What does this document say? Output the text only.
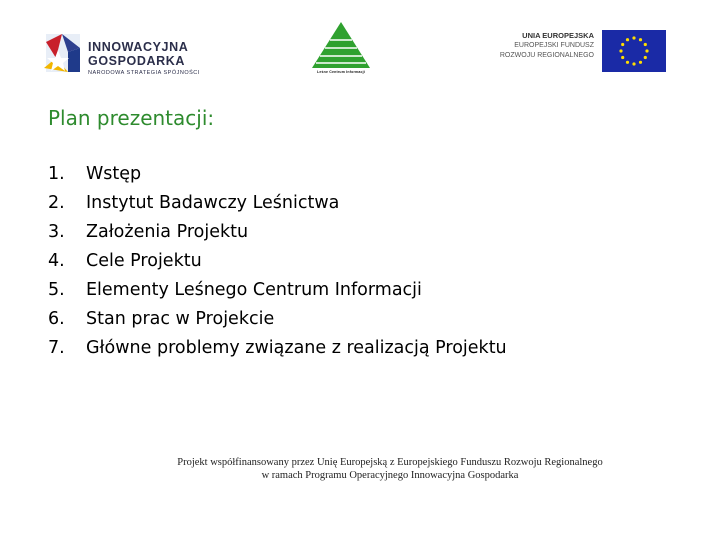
INNOWACYJNA
GOSPODARKA
NARODOWA STRATEGIA SPÓJNOŚCI	Leśne Centrum Informacji
UNIA EUROPEJSKA
EUROPEJSKI FUNDUSZ
ROZWOJU REGIONALNEGO
Plan prezentacji:
1. Wstęp
2. Instytut Badawczy Leśnictwa
3. Założenia Projektu
4. Cele Projektu
5. Elementy Leśnego Centrum Informacji
6. Stan prac w Projekcie
7. Główne problemy związane z realizacją Projektu
Projekt współfinansowany przez Unię Europejską z Europejskiego Funduszu Rozwoju Regionalnego
w ramach Programu Operacyjnego Innowacyjna Gospodarka
